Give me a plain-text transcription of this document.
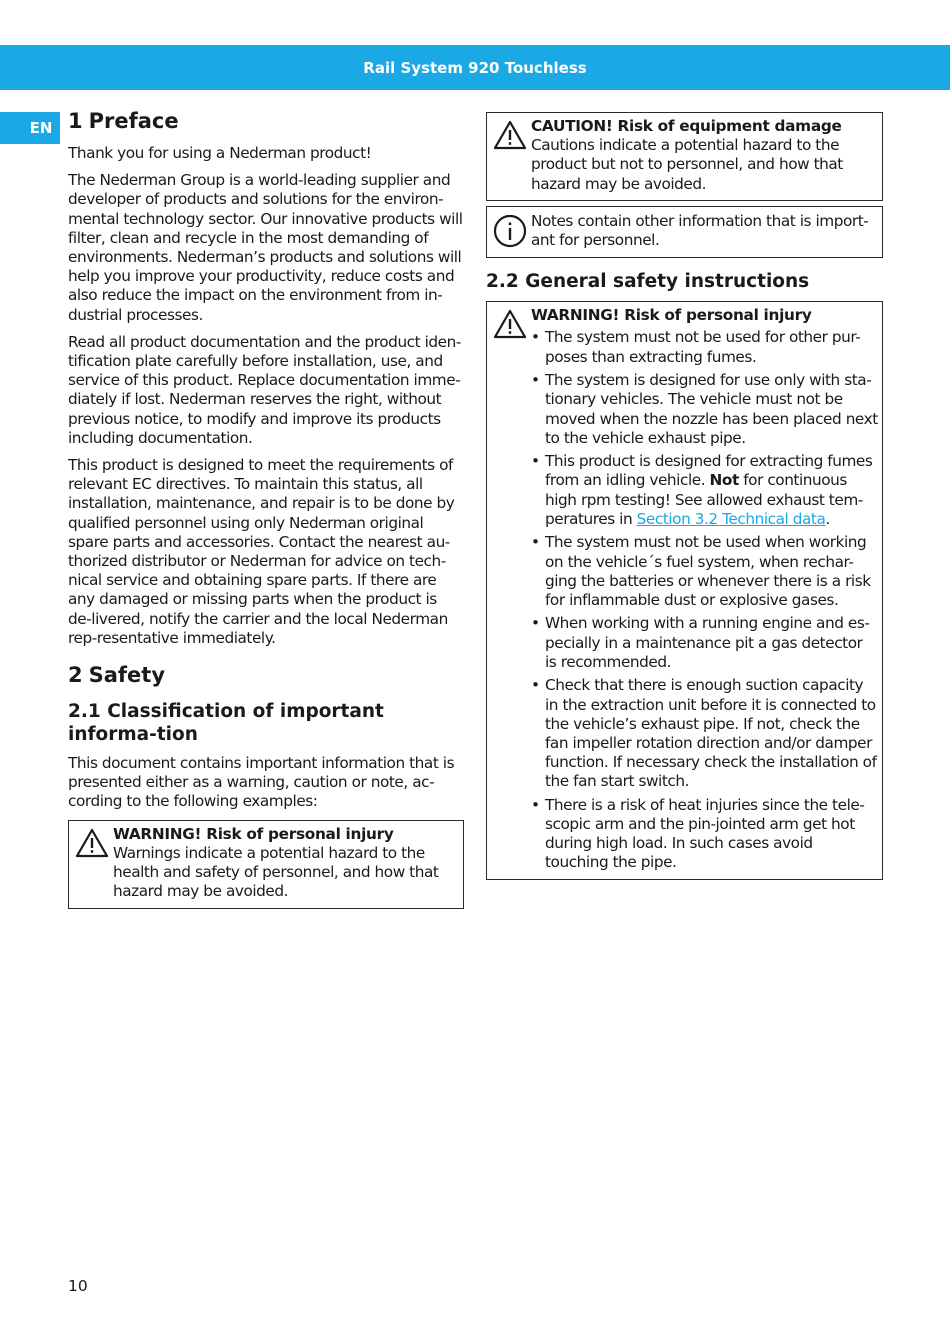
Rail System 920 Touchless
EN 1 Preface

Thank you for using a Nederman product!

The Nederman Group is a world-leading supplier and developer of products and solutions for the environ-mental technology sector. Our innovative products will filter, clean and recycle in the most demanding of environments. Nederman’s products and solutions will help you improve your productivity, reduce costs and also reduce the impact on the environment from in-dustrial processes.

Read all product documentation and the product iden-tification plate carefully before installation, use, and service of this product. Replace documentation imme-diately if lost. Nederman reserves the right, without previous notice, to modify and improve its products including documentation.

This product is designed to meet the requirements of relevant EC directives. To maintain this status, all installation, maintenance, and repair is to be done by qualified personnel using only Nederman original spare parts and accessories. Contact the nearest au-thorized distributor or Nederman for advice on tech-nical service and obtaining spare parts. If there are any damaged or missing parts when the product is de-livered, notify the carrier and the local Nederman rep-resentative immediately.

2 Safety
2.1 Classification of important informa-tion

This document contains important information that is presented either as a warning, caution or note, ac-cording to the following examples:

WARNING! Risk of personal injury
Warnings indicate a potential hazard to the health and safety of personnel, and how that hazard may be avoided.
CAUTION! Risk of equipment damage
Cautions indicate a potential hazard to the product but not to personnel, and how that hazard may be avoided.
Notes contain other information that is import-ant for personnel.
2.2 General safety instructions
WARNING! Risk of personal injury
• The system must not be used for other pur-poses than extracting fumes.
• The system is designed for use only with sta-tionary vehicles. The vehicle must not be moved when the nozzle has been placed next to the vehicle exhaust pipe.
• This product is designed for extracting fumes from an idling vehicle. Not for continuous high rpm testing! See allowed exhaust tem-peratures in Section 3.2 Technical data.
• The system must not be used when working on the vehicle´s fuel system, when rechar-ging the batteries or whenever there is a risk for inflammable dust or explosive gases.
• When working with a running engine and es-pecially in a maintenance pit a gas detector is recommended.
• Check that there is enough suction capacity in the extraction unit before it is connected to the vehicle’s exhaust pipe. If not, check the fan impeller rotation direction and/or damper function. If necessary check the installation of the fan start switch.
• There is a risk of heat injuries since the tele-scopic arm and the pin-jointed arm get hot during high load. In such cases avoid touching the pipe.
10
